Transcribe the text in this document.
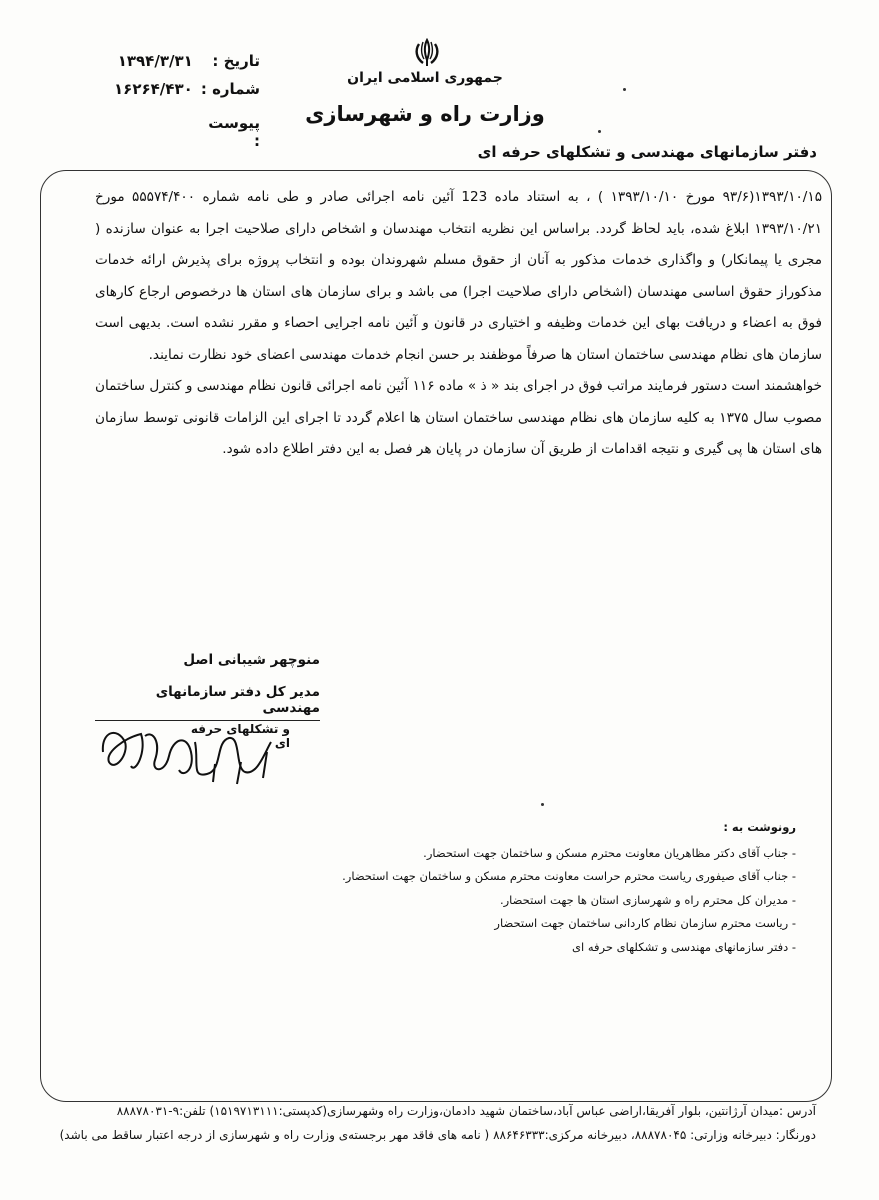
جمهوری اسلامی ایران
وزارت راه و شهرسازی
تاریخ : ۱۳۹۴/۳/۳۱
شماره : ۱۶۲۶۴/۴۳۰
پیوست :
دفتر سازمانهای مهندسی و تشکلهای حرفه ای

۱۳۹۳/۱۰/۱۵(۹۳/۶ مورخ ۱۳۹۳/۱۰/۱۰ ) ، به استناد ماده 123 آئین نامه اجرائی صادر و طی نامه شماره ۵۵۵۷۴/۴۰۰ مورخ ۱۳۹۳/۱۰/۲۱ ابلاغ شده، باید لحاظ گردد. براساس این نظریه انتخاب مهندسان و اشخاص دارای صلاحیت اجرا به عنوان سازنده ( مجری یا پیمانکار) و واگذاری خدمات مذکور به آنان از حقوق مسلم شهروندان بوده و انتخاب پروژه برای پذیرش ارائه خدمات مذکوراز حقوق اساسی مهندسان (اشخاص دارای صلاحیت اجرا) می باشد و برای سازمان های استان ها درخصوص ارجاع کارهای فوق به اعضاء و دریافت بهای این خدمات وظیفه و اختیاری در قانون و آئین نامه اجرایی احصاء و مقرر نشده است. بدیهی است سازمان های نظام مهندسی ساختمان استان ها صرفاً موظفند بر حسن انجام خدمات مهندسی اعضای خود نظارت نمایند.

خواهشمند است دستور فرمایند مراتب فوق در اجرای بند « ذ » ماده ۱۱۶ آئین نامه اجرائی قانون نظام مهندسی و کنترل ساختمان مصوب سال ۱۳۷۵ به کلیه سازمان های نظام مهندسی ساختمان استان ها اعلام گردد تا اجرای این الزامات قانونی توسط سازمان های استان ها پی گیری و نتیجه اقدامات از طریق آن سازمان در پایان هر فصل به این دفتر اطلاع داده شود.

منوچهر شیبانی اصل
مدیر کل دفتر سازمانهای مهندسی
و تشکلهای حرفه ای
رونوشت به :
- جناب آقای دکتر مظاهریان معاونت محترم مسکن و ساختمان جهت استحضار.
- جناب آقای صیفوری ریاست محترم حراست معاونت محترم مسکن و ساختمان جهت استحضار.
- مدیران کل محترم راه و شهرسازی استان ها جهت استحضار.
- ریاست محترم سازمان نظام کاردانی ساختمان جهت استحضار
- دفتر سازمانهای مهندسی و تشکلهای حرفه ای
آدرس :میدان آرژانتین، بلوار آفریقا،اراضی عباس آباد،ساختمان شهید دادمان،وزارت راه وشهرسازی(کدپستی:۱۵۱۹۷۱۳۱۱۱) تلفن:۹-۸۸۸۷۸۰۳۱
دورنگار: دبیرخانه وزارتی: ۸۸۸۷۸۰۴۵، دبیرخانه مرکزی:۸۸۶۴۶۳۳۳ ( نامه های فاقد مهر برجسته‌ی وزارت راه و شهرسازی از درجه اعتبار ساقط می باشد)
